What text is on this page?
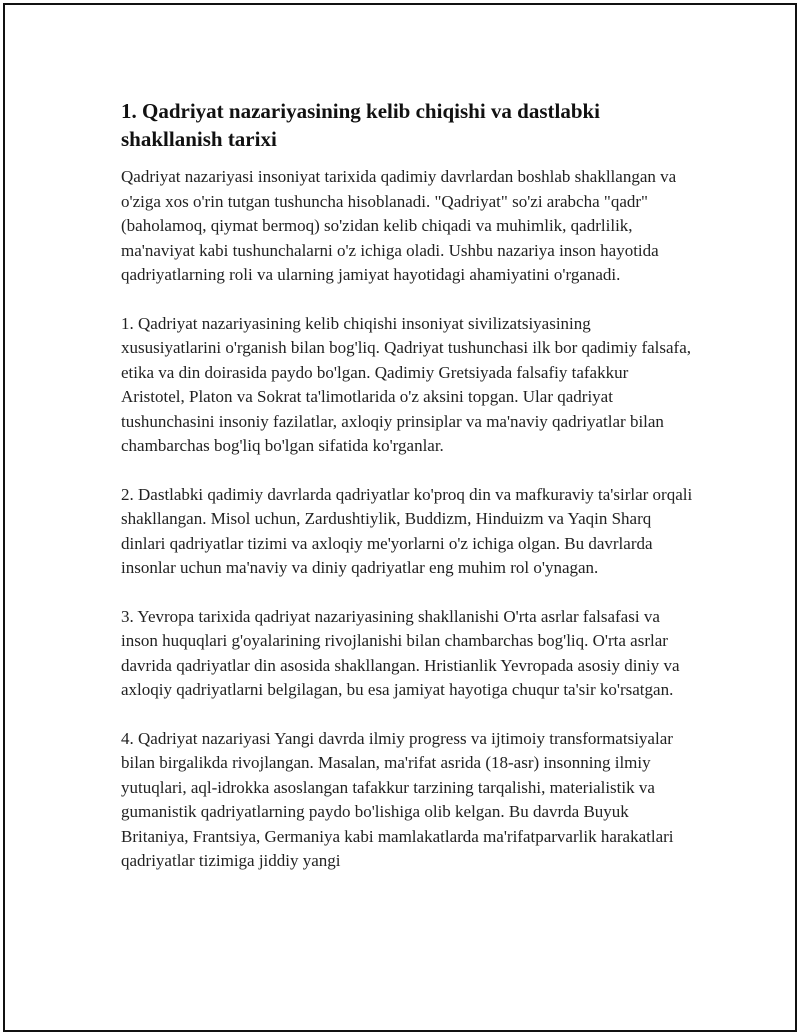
1. Qadriyat nazariyasining kelib chiqishi va dastlabki shakllanish tarixi

Qadriyat nazariyasi insoniyat tarixida qadimiy davrlardan boshlab shakllangan va o'ziga xos o'rin tutgan tushuncha hisoblanadi. "Qadriyat" so'zi arabcha "qadr" (baholamoq, qiymat bermoq) so'zidan kelib chiqadi va muhimlik, qadrlilik, ma'naviyat kabi tushunchalarni o'z ichiga oladi. Ushbu nazariya inson hayotida qadriyatlarning roli va ularning jamiyat hayotidagi ahamiyatini o'rganadi.

1. Qadriyat nazariyasining kelib chiqishi insoniyat sivilizatsiyasining xususiyatlarini o'rganish bilan bog'liq. Qadriyat tushunchasi ilk bor qadimiy falsafa, etika va din doirasida paydo bo'lgan. Qadimiy Gretsiyada falsafiy tafakkur Aristotel, Platon va Sokrat ta'limotlarida o'z aksini topgan. Ular qadriyat tushunchasini insoniy fazilatlar, axloqiy prinsiplar va ma'naviy qadriyatlar bilan chambarchas bog'liq bo'lgan sifatida ko'rganlar.

2. Dastlabki qadimiy davrlarda qadriyatlar ko'proq din va mafkuraviy ta'sirlar orqali shakllangan. Misol uchun, Zardushtiylik, Buddizm, Hinduizm va Yaqin Sharq dinlari qadriyatlar tizimi va axloqiy me'yorlarni o'z ichiga olgan. Bu davrlarda insonlar uchun ma'naviy va diniy qadriyatlar eng muhim rol o'ynagan.

3. Yevropa tarixida qadriyat nazariyasining shakllanishi O'rta asrlar falsafasi va inson huquqlari g'oyalarining rivojlanishi bilan chambarchas bog'liq. O'rta asrlar davrida qadriyatlar din asosida shakllangan. Hristianlik Yevropada asosiy diniy va axloqiy qadriyatlarni belgilagan, bu esa jamiyat hayotiga chuqur ta'sir ko'rsatgan.

4. Qadriyat nazariyasi Yangi davrda ilmiy progress va ijtimoiy transformatsiyalar bilan birgalikda rivojlangan. Masalan, ma'rifat asrida (18-asr) insonning ilmiy yutuqlari, aql-idrokka asoslangan tafakkur tarzining tarqalishi, materialistik va gumanistik qadriyatlarning paydo bo'lishiga olib kelgan. Bu davrda Buyuk Britaniya, Frantsiya, Germaniya kabi mamlakatlarda ma'rifatparvarlik harakatlari qadriyatlar tizimiga jiddiy yangi
